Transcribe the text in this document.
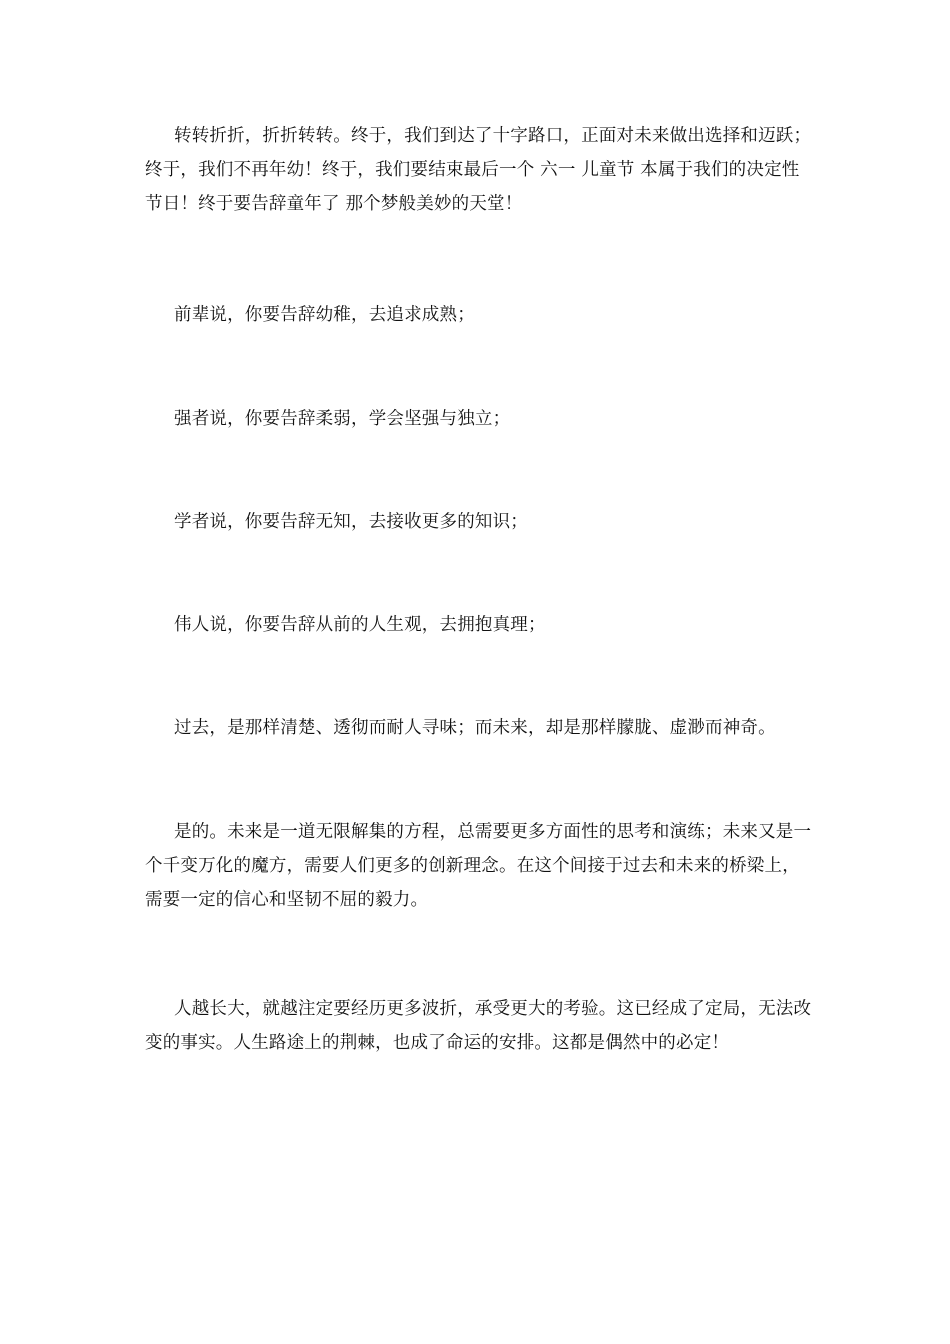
转转折折，折折转转。终于，我们到达了十字路口，正面对未来做出选择和迈跃；终于，我们不再年幼！终于，我们要结束最后一个 六一 儿童节 本属于我们的决定性节日！终于要告辞童年了 那个梦般美妙的天堂！

前辈说，你要告辞幼稚，去追求成熟；

强者说，你要告辞柔弱，学会坚强与独立；

学者说，你要告辞无知，去接收更多的知识；

伟人说，你要告辞从前的人生观，去拥抱真理；

过去，是那样清楚、透彻而耐人寻味；而未来，却是那样朦胧、虚渺而神奇。

是的。未来是一道无限解集的方程，总需要更多方面性的思考和演练；未来又是一个千变万化的魔方，需要人们更多的创新理念。在这个间接于过去和未来的桥梁上，需要一定的信心和坚韧不屈的毅力。

人越长大，就越注定要经历更多波折，承受更大的考验。这已经成了定局，无法改变的事实。人生路途上的荆棘，也成了命运的安排。这都是偶然中的必定！
